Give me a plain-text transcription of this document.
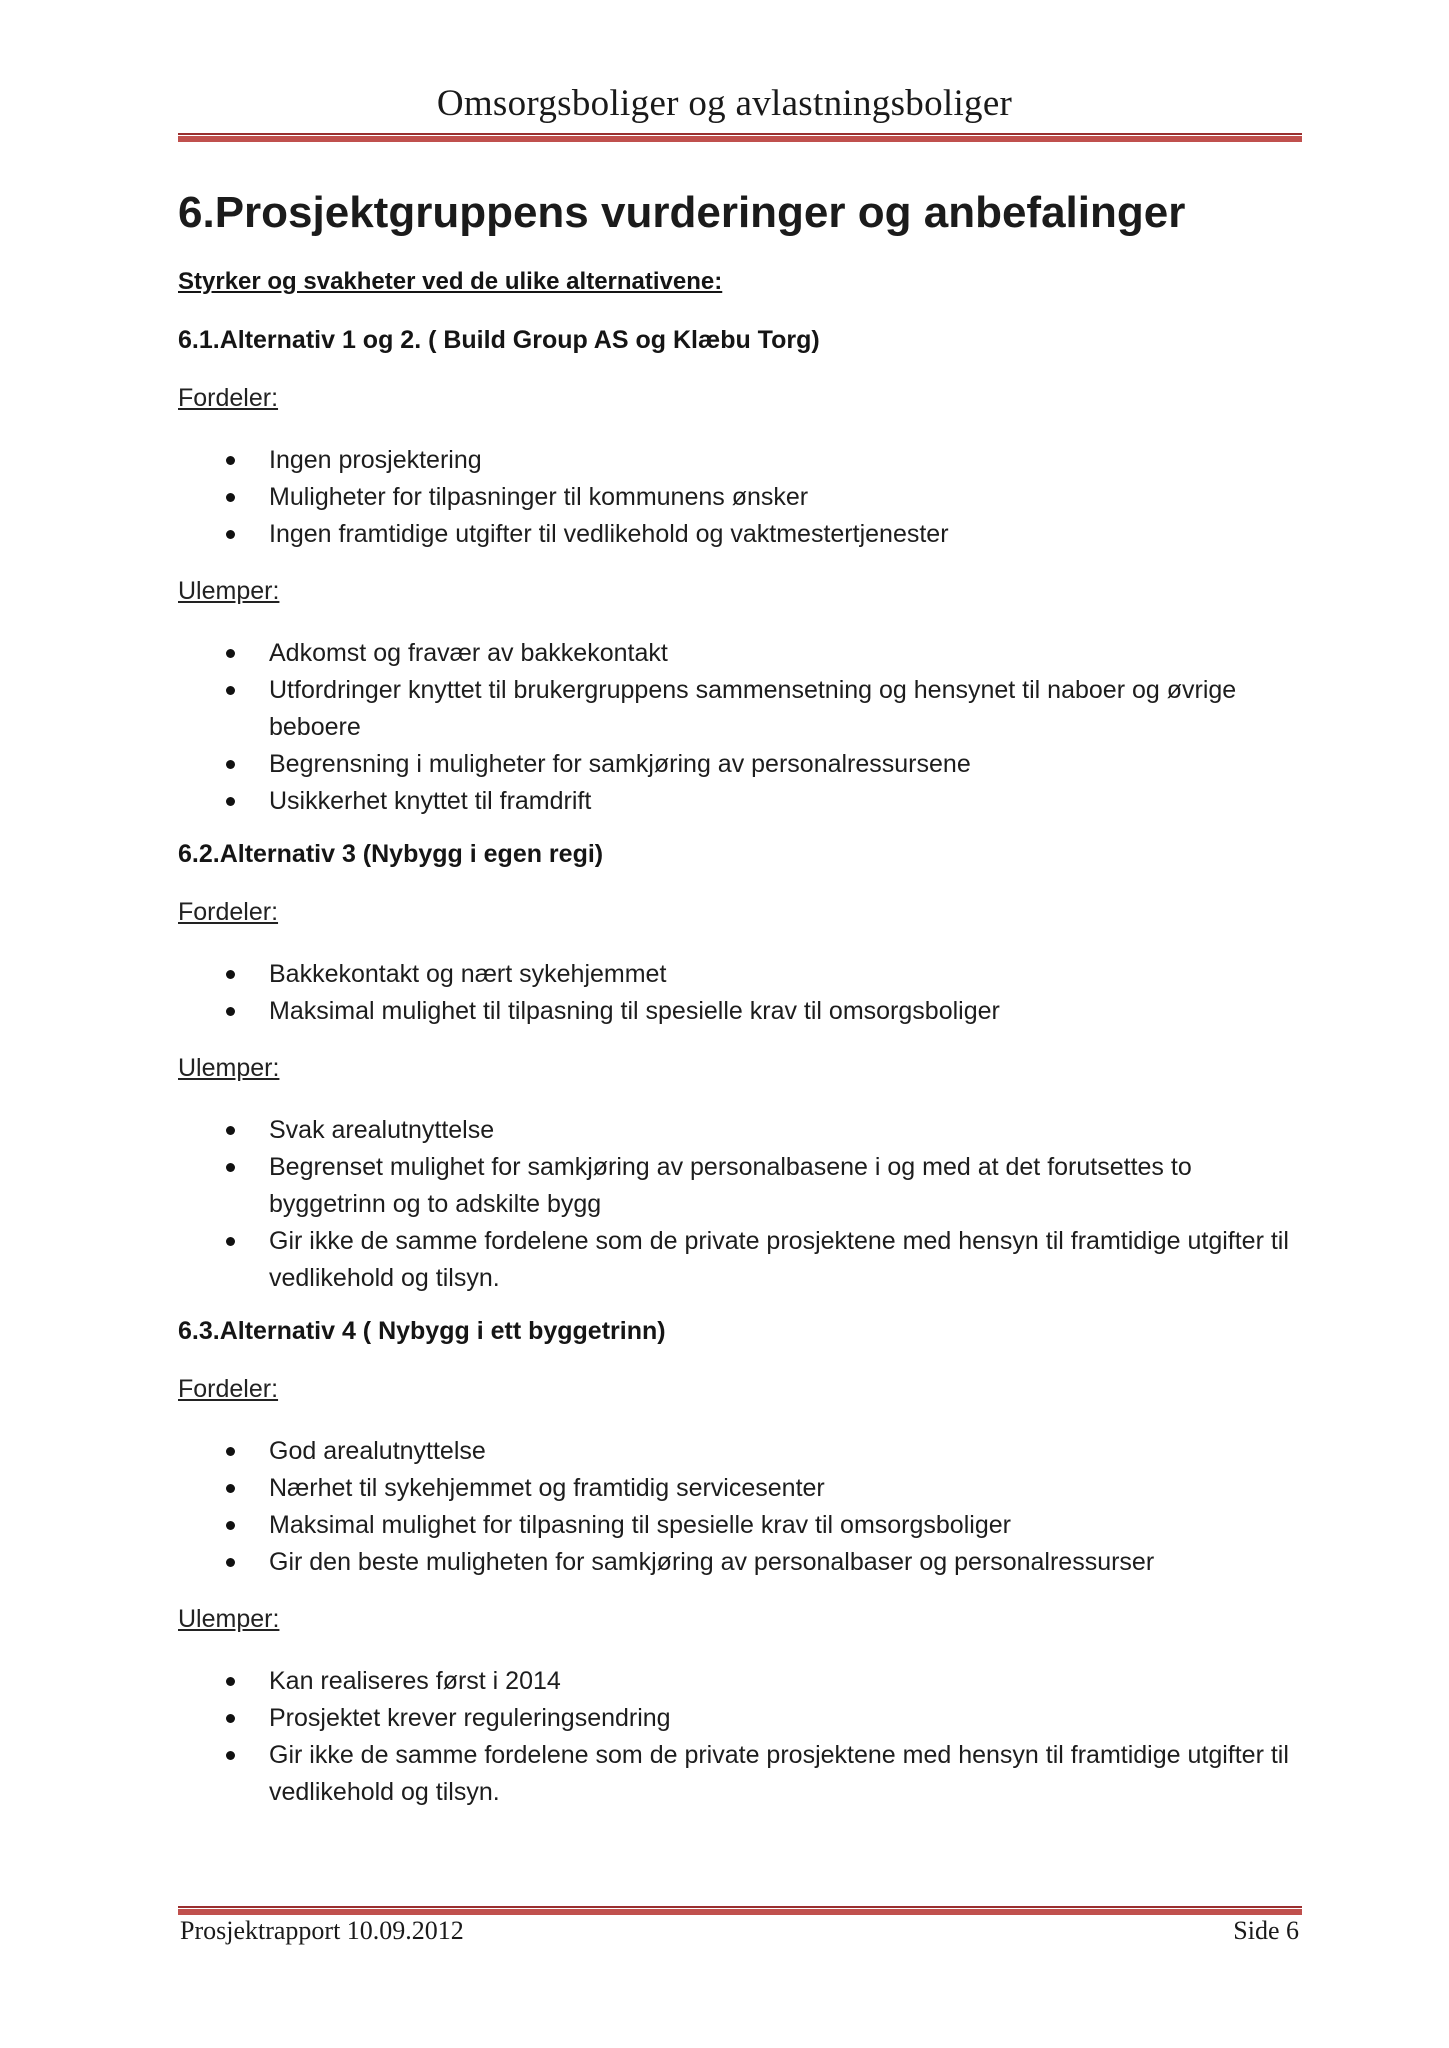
Omsorgsboliger og avlastningsboliger
6.Prosjektgruppens vurderinger og anbefalinger
Styrker og svakheter ved de ulike alternativene:
6.1.Alternativ 1 og 2. ( Build Group AS og Klæbu Torg)
Fordeler:
Ingen prosjektering
Muligheter for tilpasninger til kommunens ønsker
Ingen framtidige utgifter til vedlikehold og vaktmestertjenester
Ulemper:
Adkomst og fravær av bakkekontakt
Utfordringer knyttet til brukergruppens sammensetning og hensynet til naboer og øvrige beboere
Begrensning i muligheter for samkjøring av personalressursene
Usikkerhet knyttet til framdrift
6.2.Alternativ 3 (Nybygg i egen regi)
Fordeler:
Bakkekontakt og nært sykehjemmet
Maksimal mulighet til tilpasning til spesielle krav til omsorgsboliger
Ulemper:
Svak arealutnyttelse
Begrenset mulighet for samkjøring av personalbasene i og med at det forutsettes to byggetrinn og to adskilte bygg
Gir ikke de samme fordelene som de private prosjektene med hensyn til framtidige utgifter til vedlikehold og tilsyn.
6.3.Alternativ 4 ( Nybygg i ett byggetrinn)
Fordeler:
God arealutnyttelse
Nærhet til sykehjemmet og framtidig servicesenter
Maksimal mulighet for tilpasning til spesielle krav til omsorgsboliger
Gir den beste muligheten for samkjøring av personalbaser og personalressurser
Ulemper:
Kan realiseres først i 2014
Prosjektet krever reguleringsendring
Gir ikke de samme fordelene som de private prosjektene med hensyn til framtidige utgifter til vedlikehold og tilsyn.
Prosjektrapport 10.09.2012	Side 6
